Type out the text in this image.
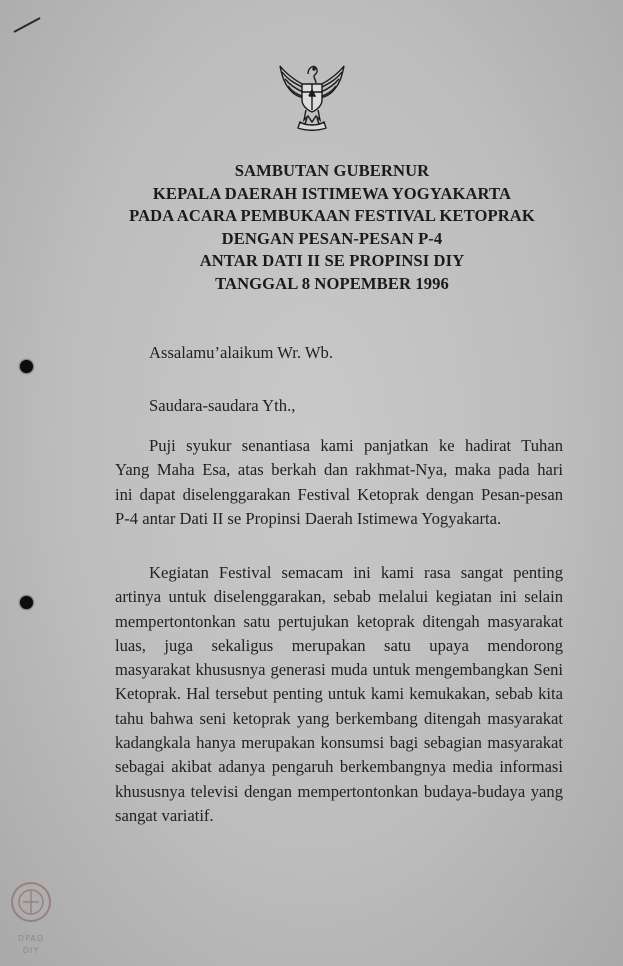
SAMBUTAN GUBERNUR
KEPALA DAERAH ISTIMEWA YOGYAKARTA
PADA ACARA PEMBUKAAN FESTIVAL KETOPRAK
DENGAN PESAN-PESAN P-4
ANTAR DATI II SE PROPINSI DIY
TANGGAL 8 NOPEMBER 1996
Assalamu’alaikum Wr. Wb.
Saudara-saudara Yth.,
Puji syukur senantiasa kami panjatkan ke hadirat Tuhan
Yang Maha Esa, atas berkah dan rakhmat-Nya, maka pada hari
ini dapat diselenggarakan Festival Ketoprak dengan Pesan-pesan
P-4 antar Dati II se Propinsi Daerah Istimewa Yogyakarta.
Kegiatan Festival semacam ini kami rasa sangat penting
artinya untuk diselenggarakan, sebab melalui kegiatan ini selain
mempertontonkan satu pertujukan ketoprak ditengah masyarakat
luas, juga sekaligus merupakan satu upaya mendorong
masyarakat khususnya generasi muda untuk mengembangkan Seni
Ketoprak. Hal tersebut penting untuk kami kemukakan, sebab kita
tahu bahwa seni ketoprak yang berkembang ditengah masyarakat
kadangkala hanya merupakan konsumsi bagi sebagian masyarakat
sebagai akibat adanya pengaruh berkembangnya media informasi
khususnya televisi dengan mempertontonkan budaya-budaya yang
sangat variatif.
DPAD
DIY
